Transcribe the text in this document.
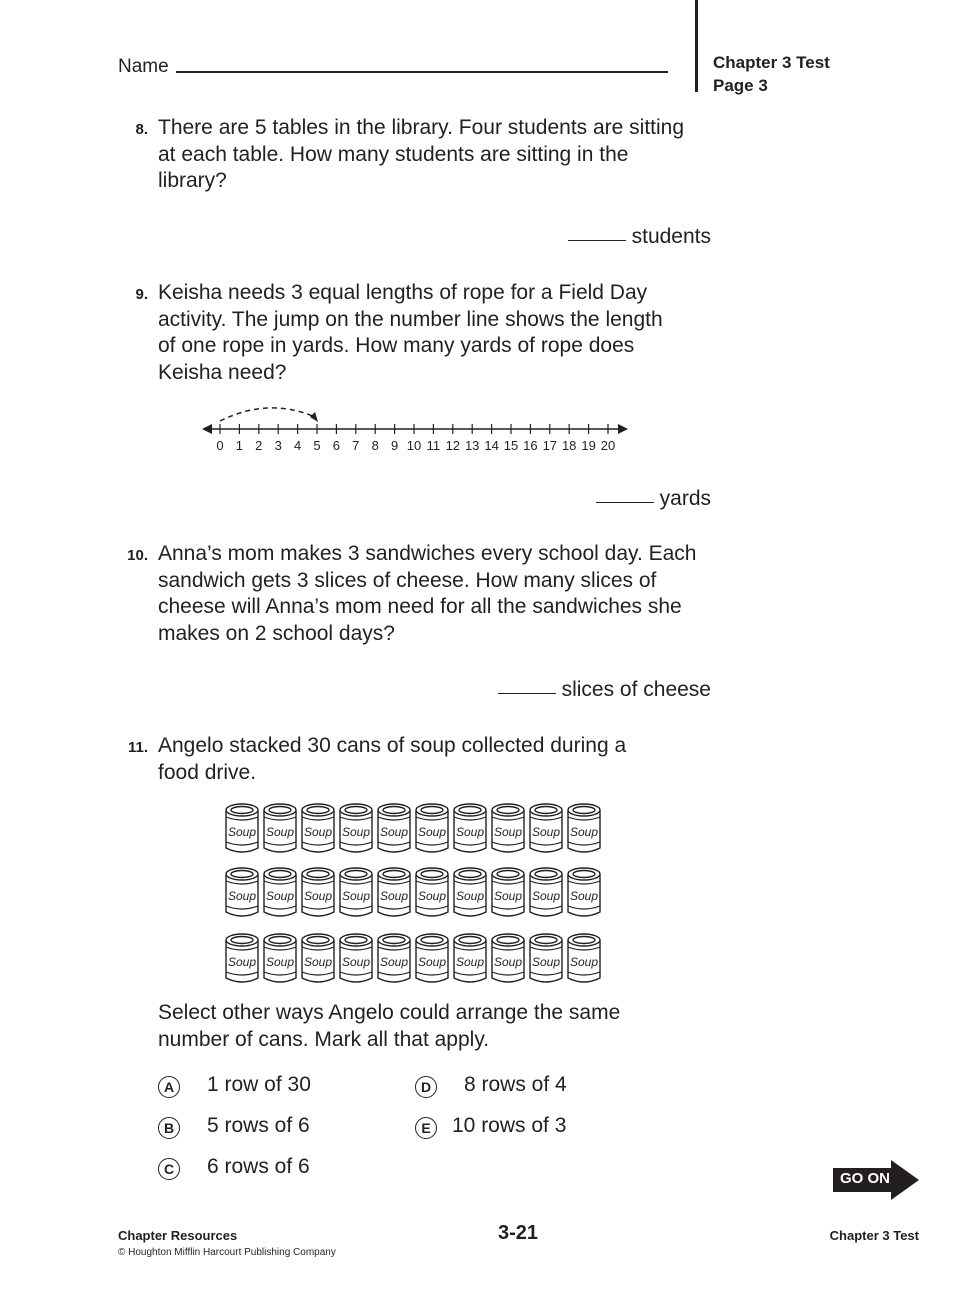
Name	Chapter 3 Test
Page 3
8. There are 5 tables in the library. Four students are sitting
at each table. How many students are sitting in the
library?
students
9. Keisha needs 3 equal lengths of rope for a Field Day
activity. The jump on the number line shows the length
of one rope in yards. How many yards of rope does
Keisha need?
0 1 2 3 4 5 6 7 8 9 10 11 12 13 14 15 16 17 18 19 20
yards
10. Anna’s mom makes 3 sandwiches every school day. Each
sandwich gets 3 slices of cheese. How many slices of
cheese will Anna’s mom need for all the sandwiches she
makes on 2 school days?
slices of cheese
11. Angelo stacked 30 cans of soup collected during a
food drive.
Soup Soup Soup Soup Soup Soup Soup Soup Soup Soup
Soup Soup Soup Soup Soup Soup Soup Soup Soup Soup
Soup Soup Soup Soup Soup Soup Soup Soup Soup Soup
Select other ways Angelo could arrange the same
number of cans. Mark all that apply.
A 1 row of 30
B 5 rows of 6
C 6 rows of 6
D 8 rows of 4
E	10 rows of 3
GO ON
Chapter Resources
© Houghton Mifflin Harcourt Publishing Company
3-21	Chapter 3 Test
